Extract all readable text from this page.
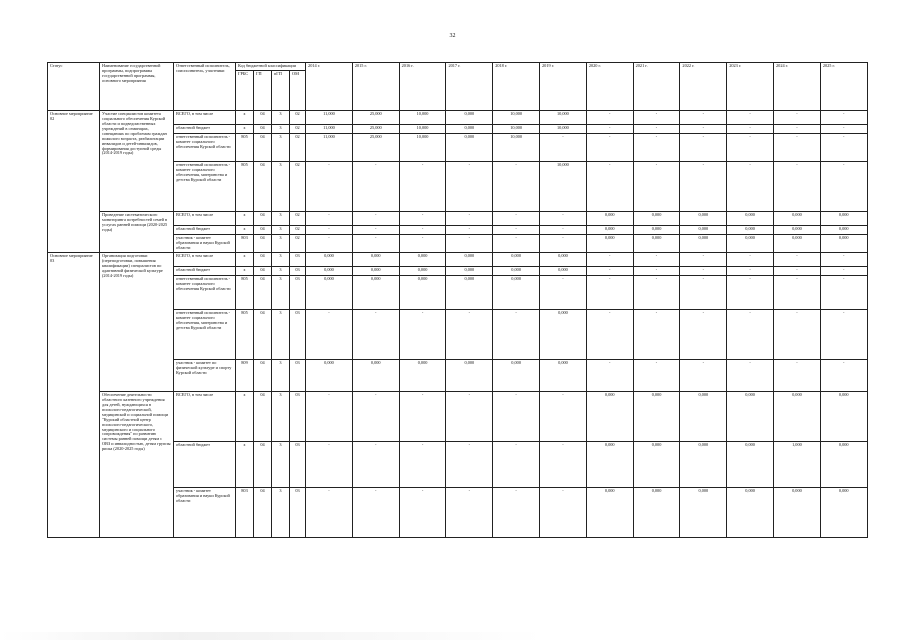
32
Статус	Наименование государственной программы, подпрограммы государственной программы, основного мероприятия	Ответственный исполнитель, соисполнитель, участники	Код бюджетной классификации				2014 г.	2015 г.	2016 г.	2017 г.	2018 г.	2019 г.	2020 г.	2021 г.	2022 г.	2023 г.	2024 г.	2025 г.
			ГРБС	ГП	пГП	ОМ												
Основное мероприятие 02	Участие специалистов комитета социального обеспечения Курской области и подведомственных учреждений в семинарах, совещаниях по проблемам граждан пожилого возраста, реабилитации инвалидов и детей-инвалидов, формирования доступной среды (2014-2019 годы)	ВСЕГО, в том числе	x	04	3	02	11,000	25,000	10,000	0,000	10,000	10,000	-	-	-	-	-	-
		областной бюджет	x	04	3	02	11,000	25,000	10,000	0,000	10,000	10,000	-	-	-	-	-	-
		ответственный исполнитель - комитет социального обеспечения Курской области	805	04	3	02	11,000	25,000	10,000	0,000	10,000	-	-	-	-	-	-	-
		ответственный исполнитель - комитет социального обеспечения, материнства и детства Курской области	805	04	3	02	-	-	-	-	-	10,000	-	-	-	-	-	-
	Проведение систематического мониторинга потребностей семей в услугах ранней помощи (2020-2025 годы)	ВСЕГО, в том числе	x	04	3	02	-	-	-	-	-	-	0,000	0,000	0,000	0,000	0,000	0,000
		областной бюджет	x	04	3	02	-	-	-	-	-	-	0,000	0,000	0,000	0,000	0,000	0,000
		участник - комитет образования и науки Курской области	803	04	3	02	-	-	-	-	-	-	0,000	0,000	0,000	0,000	0,000	0,000
Основное мероприятие 03	Организация подготовки (переподготовки, повышения квалификации) специалистов по адаптивной физической культуре (2014-2019 годы)	ВСЕГО, в том числе	x	04	3	03	0,000	0,000	0,000	0,000	0,000	0,000	-	-	-	-	-	-
		областной бюджет	x	04	3	03	0,000	0,000	0,000	0,000	0,000	0,000	-	-	-	-	-	-
		ответственный исполнитель - комитет социального обеспечения Курской области	805	04	3	03	0,000	0,000	0,000	0,000	0,000	-	-	-	-	-	-	-
		ответственный исполнитель - комитет социального обеспечения, материнства и детства Курской области	805	04	3	03	-	-	-	-	-	0,000	-	-	-	-	-	-
		участник - комитет по физической культуре и спорту Курской области	809	04	3	03	0,000	0,000	0,000	0,000	0,000	0,000	-	-	-	-	-	-
	Обеспечение деятельности областного казенного учреждения для детей, нуждающихся в психолого-педагогической, медицинской и социальной помощи "Курский областной центр психолого-педагогического, медицинского и социального сопровождения" по развитию системы ранней помощи детям с ОВЗ и инвалидностью, детям группы риска (2020-2025 годы)	ВСЕГО, в том числе	x	04	3	03	-	-	-	-	-	-	0,000	0,000	0,000	0,000	0,000	0,000
		областной бюджет	x	04	3	03	-	-	-	-	-	-	0,000	0,000	0,000	0,000	1,000	0,000
		участник - комитет образования и науки Курской области	803	04	3	03	-	-	-	-	-	-	0,000	0,000	0,000	0,000	0,000	0,000
